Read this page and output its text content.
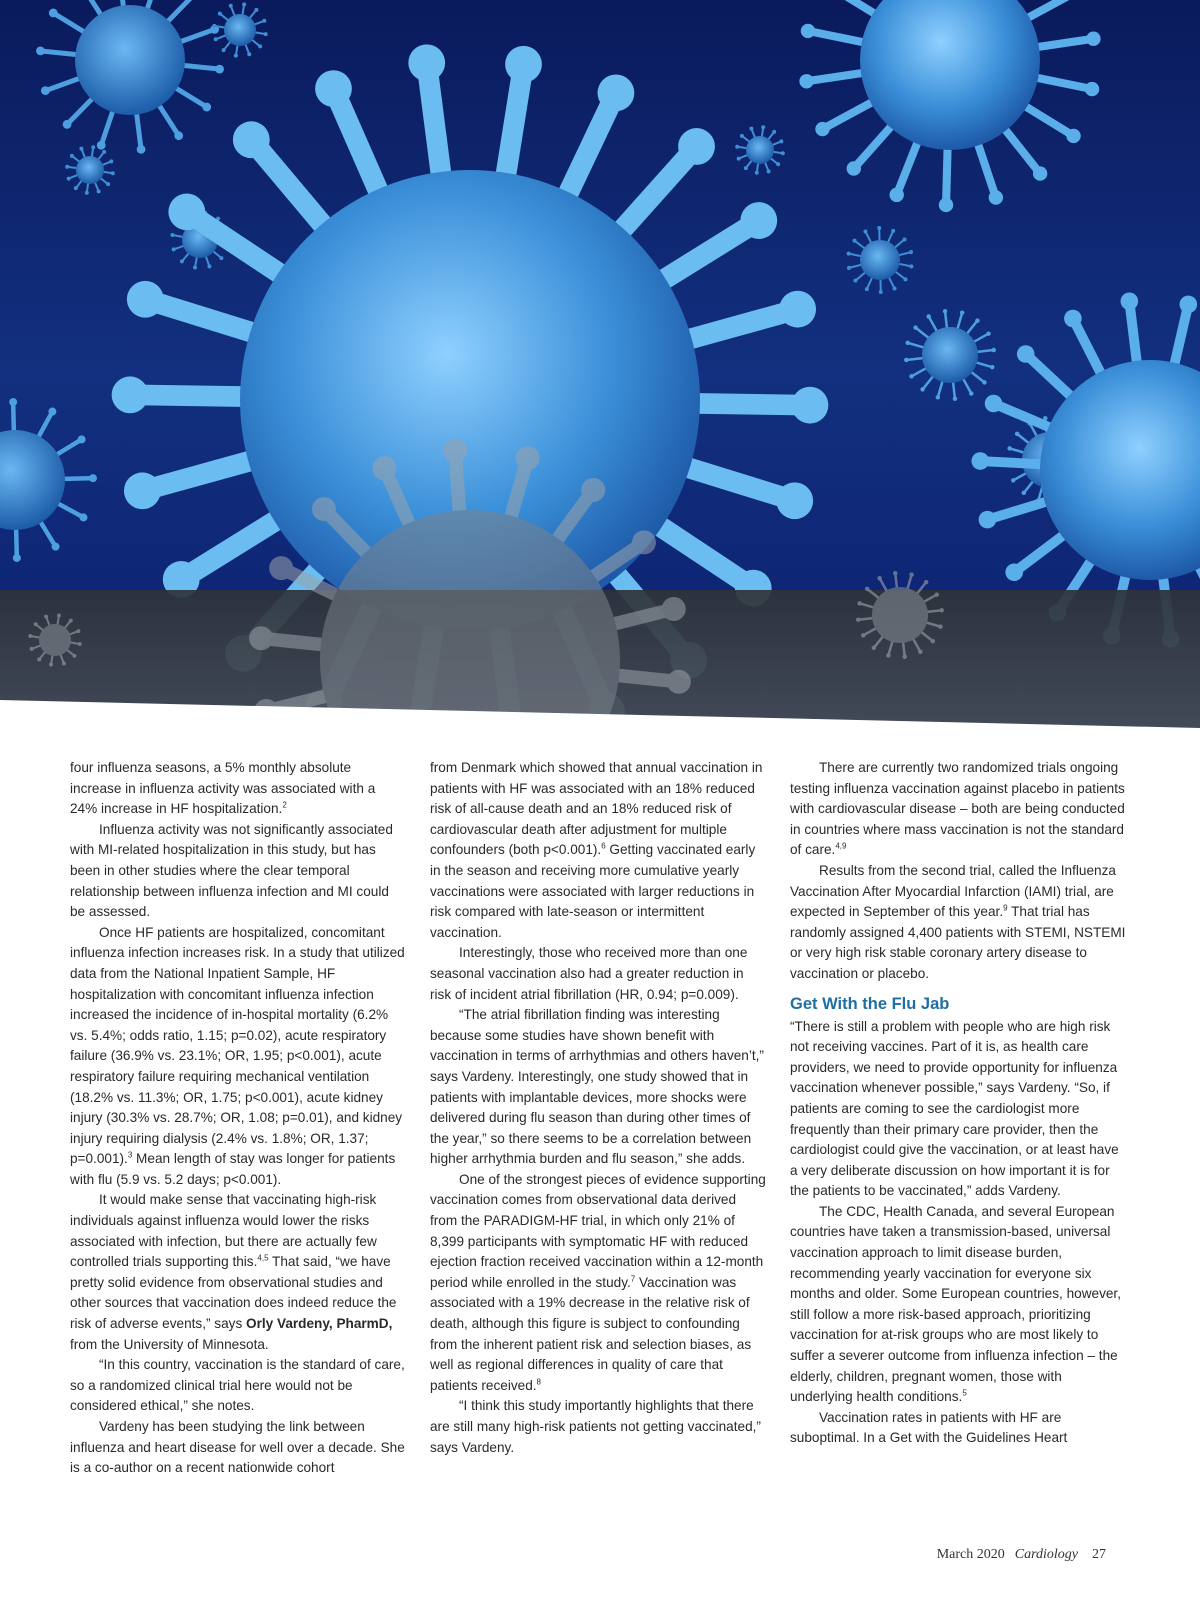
four influenza seasons, a 5% monthly absolute increase in influenza activity was associated with a 24% increase in HF hospitalization.$^2$

Influenza activity was not significantly associated with MI-related hospitalization in this study, but has been in other studies where the clear temporal relationship between influenza infection and MI could be assessed.

Once HF patients are hospitalized, concomitant influenza infection increases risk. In a study that utilized data from the National Inpatient Sample, HF hospitalization with concomitant influenza infection increased the incidence of in-hospital mortality (6.2% vs. 5.4%; odds ratio, 1.15; p=0.02), acute respiratory failure (36.9% vs. 23.1%; OR, 1.95; p<0.001), acute respiratory failure requiring mechanical ventilation (18.2% vs. 11.3%; OR, 1.75; p<0.001), acute kidney injury (30.3% vs. 28.7%; OR, 1.08; p=0.01), and kidney injury requiring dialysis (2.4% vs. 1.8%; OR, 1.37; p=0.001).$^3$ Mean length of stay was longer for patients with flu (5.9 vs. 5.2 days; p<0.001).

It would make sense that vaccinating high-risk individuals against influenza would lower the risks associated with infection, but there are actually few controlled trials supporting this.$^{4,5}$ That said, “we have pretty solid evidence from observational studies and other sources that vaccination does indeed reduce the risk of adverse events,” says Orly Vardeny, PharmD, from the University of Minnesota.

“In this country, vaccination is the standard of care, so a randomized clinical trial here would not be considered ethical,” she notes.

Vardeny has been studying the link between influenza and heart disease for well over a decade. She is a co-author on a recent nationwide cohort

from Denmark which showed that annual vaccination in patients with HF was associated with an 18% reduced risk of all-cause death and an 18% reduced risk of cardiovascular death after adjustment for multiple confounders (both p<0.001).$^6$ Getting vaccinated early in the season and receiving more cumulative yearly vaccinations were associated with larger reductions in risk compared with late-season or intermittent vaccination.

Interestingly, those who received more than one seasonal vaccination also had a greater reduction in risk of incident atrial fibrillation (HR, 0.94; p=0.009).

“The atrial fibrillation finding was interesting because some studies have shown benefit with vaccination in terms of arrhythmias and others haven’t,” says Vardeny. Interestingly, one study showed that in patients with implantable devices, more shocks were delivered during flu season than during other times of the year,” so there seems to be a correlation between higher arrhythmia burden and flu season,” she adds.

One of the strongest pieces of evidence supporting vaccination comes from observational data derived from the PARADIGM-HF trial, in which only 21% of 8,399 participants with symptomatic HF with reduced ejection fraction received vaccination within a 12-month period while enrolled in the study.$^7$ Vaccination was associated with a 19% decrease in the relative risk of death, although this figure is subject to confounding from the inherent patient risk and selection biases, as well as regional differences in quality of care that patients received.$^8$

“I think this study importantly highlights that there are still many high-risk patients not getting vaccinated,” says Vardeny.

There are currently two randomized trials ongoing testing influenza vaccination against placebo in patients with cardiovascular disease – both are being conducted in countries where mass vaccination is not the standard of care.$^{4,9}$

Results from the second trial, called the Influenza Vaccination After Myocardial Infarction (IAMI) trial, are expected in September of this year.$^9$ That trial has randomly assigned 4,400 patients with STEMI, NSTEMI or very high risk stable coronary artery disease to vaccination or placebo.

Get With the Flu Jab

“There is still a problem with people who are high risk not receiving vaccines. Part of it is, as health care providers, we need to provide opportunity for influenza vaccination whenever possible,” says Vardeny. “So, if patients are coming to see the cardiologist more frequently than their primary care provider, then the cardiologist could give the vaccination, or at least have a very deliberate discussion on how important it is for the patients to be vaccinated,” adds Vardeny.

The CDC, Health Canada, and several European countries have taken a transmission-based, universal vaccination approach to limit disease burden, recommending yearly vaccination for everyone six months and older. Some European countries, however, still follow a more risk-based approach, prioritizing vaccination for at-risk groups who are most likely to suffer a severer outcome from influenza infection – the elderly, children, pregnant women, those with underlying health conditions.$^5$

Vaccination rates in patients with HF are suboptimal. In a Get with the Guidelines Heart

March 2020 Cardiology 27
